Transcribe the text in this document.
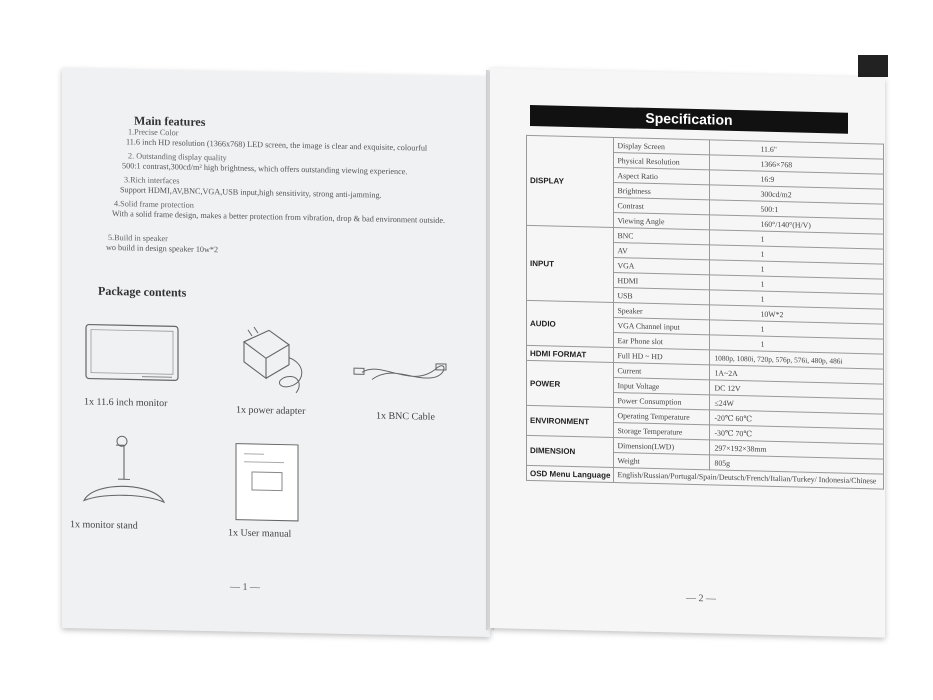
Main features
1.Precise Color
11.6 inch HD resolution (1366x768) LED screen, the image is clear and exquisite, colourful
2. Outstanding display quality
500:1 contrast,300cd/m² high brightness, which offers outstanding viewing experience.
3.Rich interfaces
Support HDMI,AV,BNC,VGA,USB input,high sensitivity, strong anti-jamming.
4.Solid frame protection
With a solid frame design, makes a better protection from vibration, drop & bad environment outside.
5.Build in speaker
wo build in design speaker 10w*2
Package contents
1x 11.6 inch monitor
1x power adapter	1x BNC Cable
1x monitor stand
1x User manual
— 1 —
Specification
DISPLAY	Display Screen	11.6"
	Physical Resolution	1366×768
	Aspect Ratio	16:9
	Brightness	300cd/m2
	Contrast	500:1
	Viewing Angle	160°/140°(H/V)
INPUT	BNC	1
	AV	1
	VGA	1
	HDMI	1
	USB	1
AUDIO	Speaker	10W*2
	VGA Channel input	1
	Ear Phone slot	1
HDMI FORMAT	Full HD ~ HD	1080p, 1080i, 720p, 576p, 576i, 480p, 486i
POWER	Current	1A~2A
	Input Voltage	DC 12V
	Power Consumption	≤24W
ENVIRONMENT	Operating Temperature	-20℃ 60℃
	Storage Temperature	-30℃ 70℃
DIMENSION	Dimension(LWD)	297×192×38mm
	Weight	805g
OSD Menu Language	English/Russian/Portugal/Spain/Deutsch/French/Italian/Turkey/ Indonesia/Chinese	
— 2 —
